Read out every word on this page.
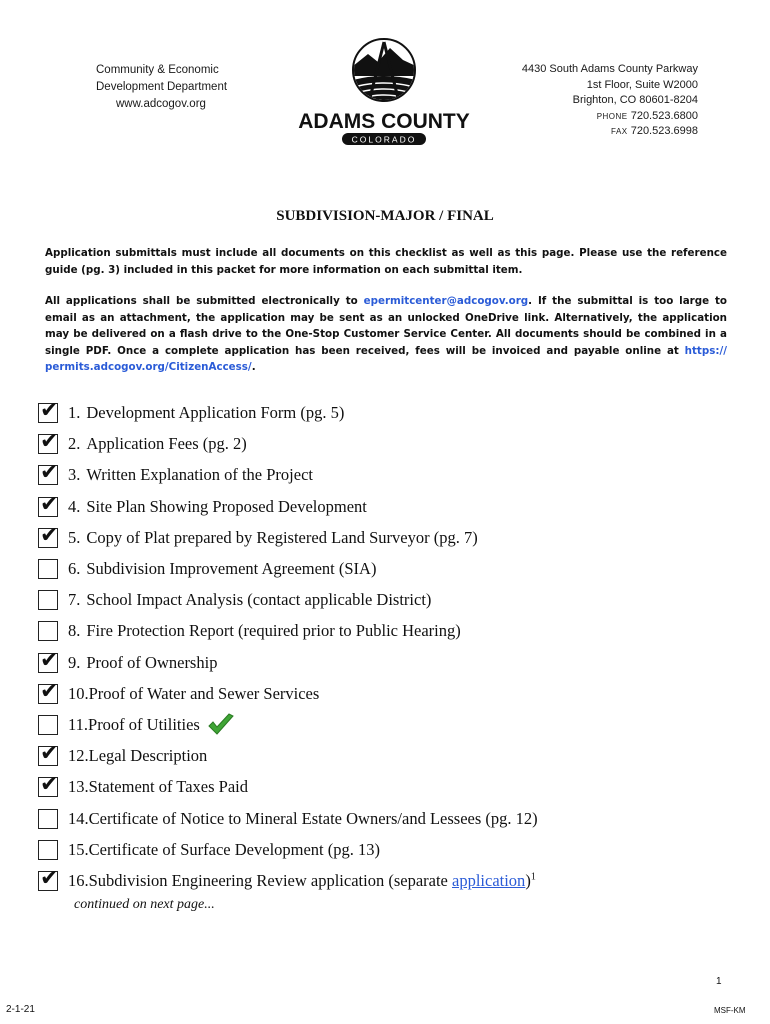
Community & Economic
Development Department
www.adcogov.org
ADAMS COUNTY
COLORADO
4430 South Adams County Parkway
1st Floor, Suite W2000
Brighton, CO 80601-8204
PHONE 720.523.6800
FAX 720.523.6998
SUBDIVISION-MAJOR / FINAL
Application submittals must include all documents on this checklist as well as this page. Please use the reference guide (pg. 3) included in this packet for more information on each submittal item.
All applications shall be submitted electronically to epermitcenter@adcogov.org. If the submittal is too large to email as an attachment, the application may be sent as an unlocked OneDrive link. Alternatively, the application may be delivered on a flash drive to the One-Stop Customer Service Center. All documents should be combined in a single PDF. Once a complete application has been received, fees will be invoiced and payable online at https:// permits.adcogov.org/CitizenAccess/.
✔ 1. Development Application Form (pg. 5)
✔ 2. Application Fees (pg. 2)
✔ 3. Written Explanation of the Project
✔ 4. Site Plan Showing Proposed Development
✔ 5. Copy of Plat prepared by Registered Land Surveyor (pg. 7)
6. Subdivision Improvement Agreement (SIA)
7. School Impact Analysis (contact applicable District)
8. Fire Protection Report (required prior to Public Hearing)
✔ 9. Proof of Ownership
✔ 10.Proof of Water and Sewer Services
11.Proof of Utilities
✔ 12.Legal Description
✔ 13.Statement of Taxes Paid
14.Certificate of Notice to Mineral Estate Owners/and Lessees (pg. 12)
15.Certificate of Surface Development (pg. 13)
✔ 16.Subdivision Engineering Review application (separate application)$^1$
continued on next page...
1
2-1-21	MSF-KM
